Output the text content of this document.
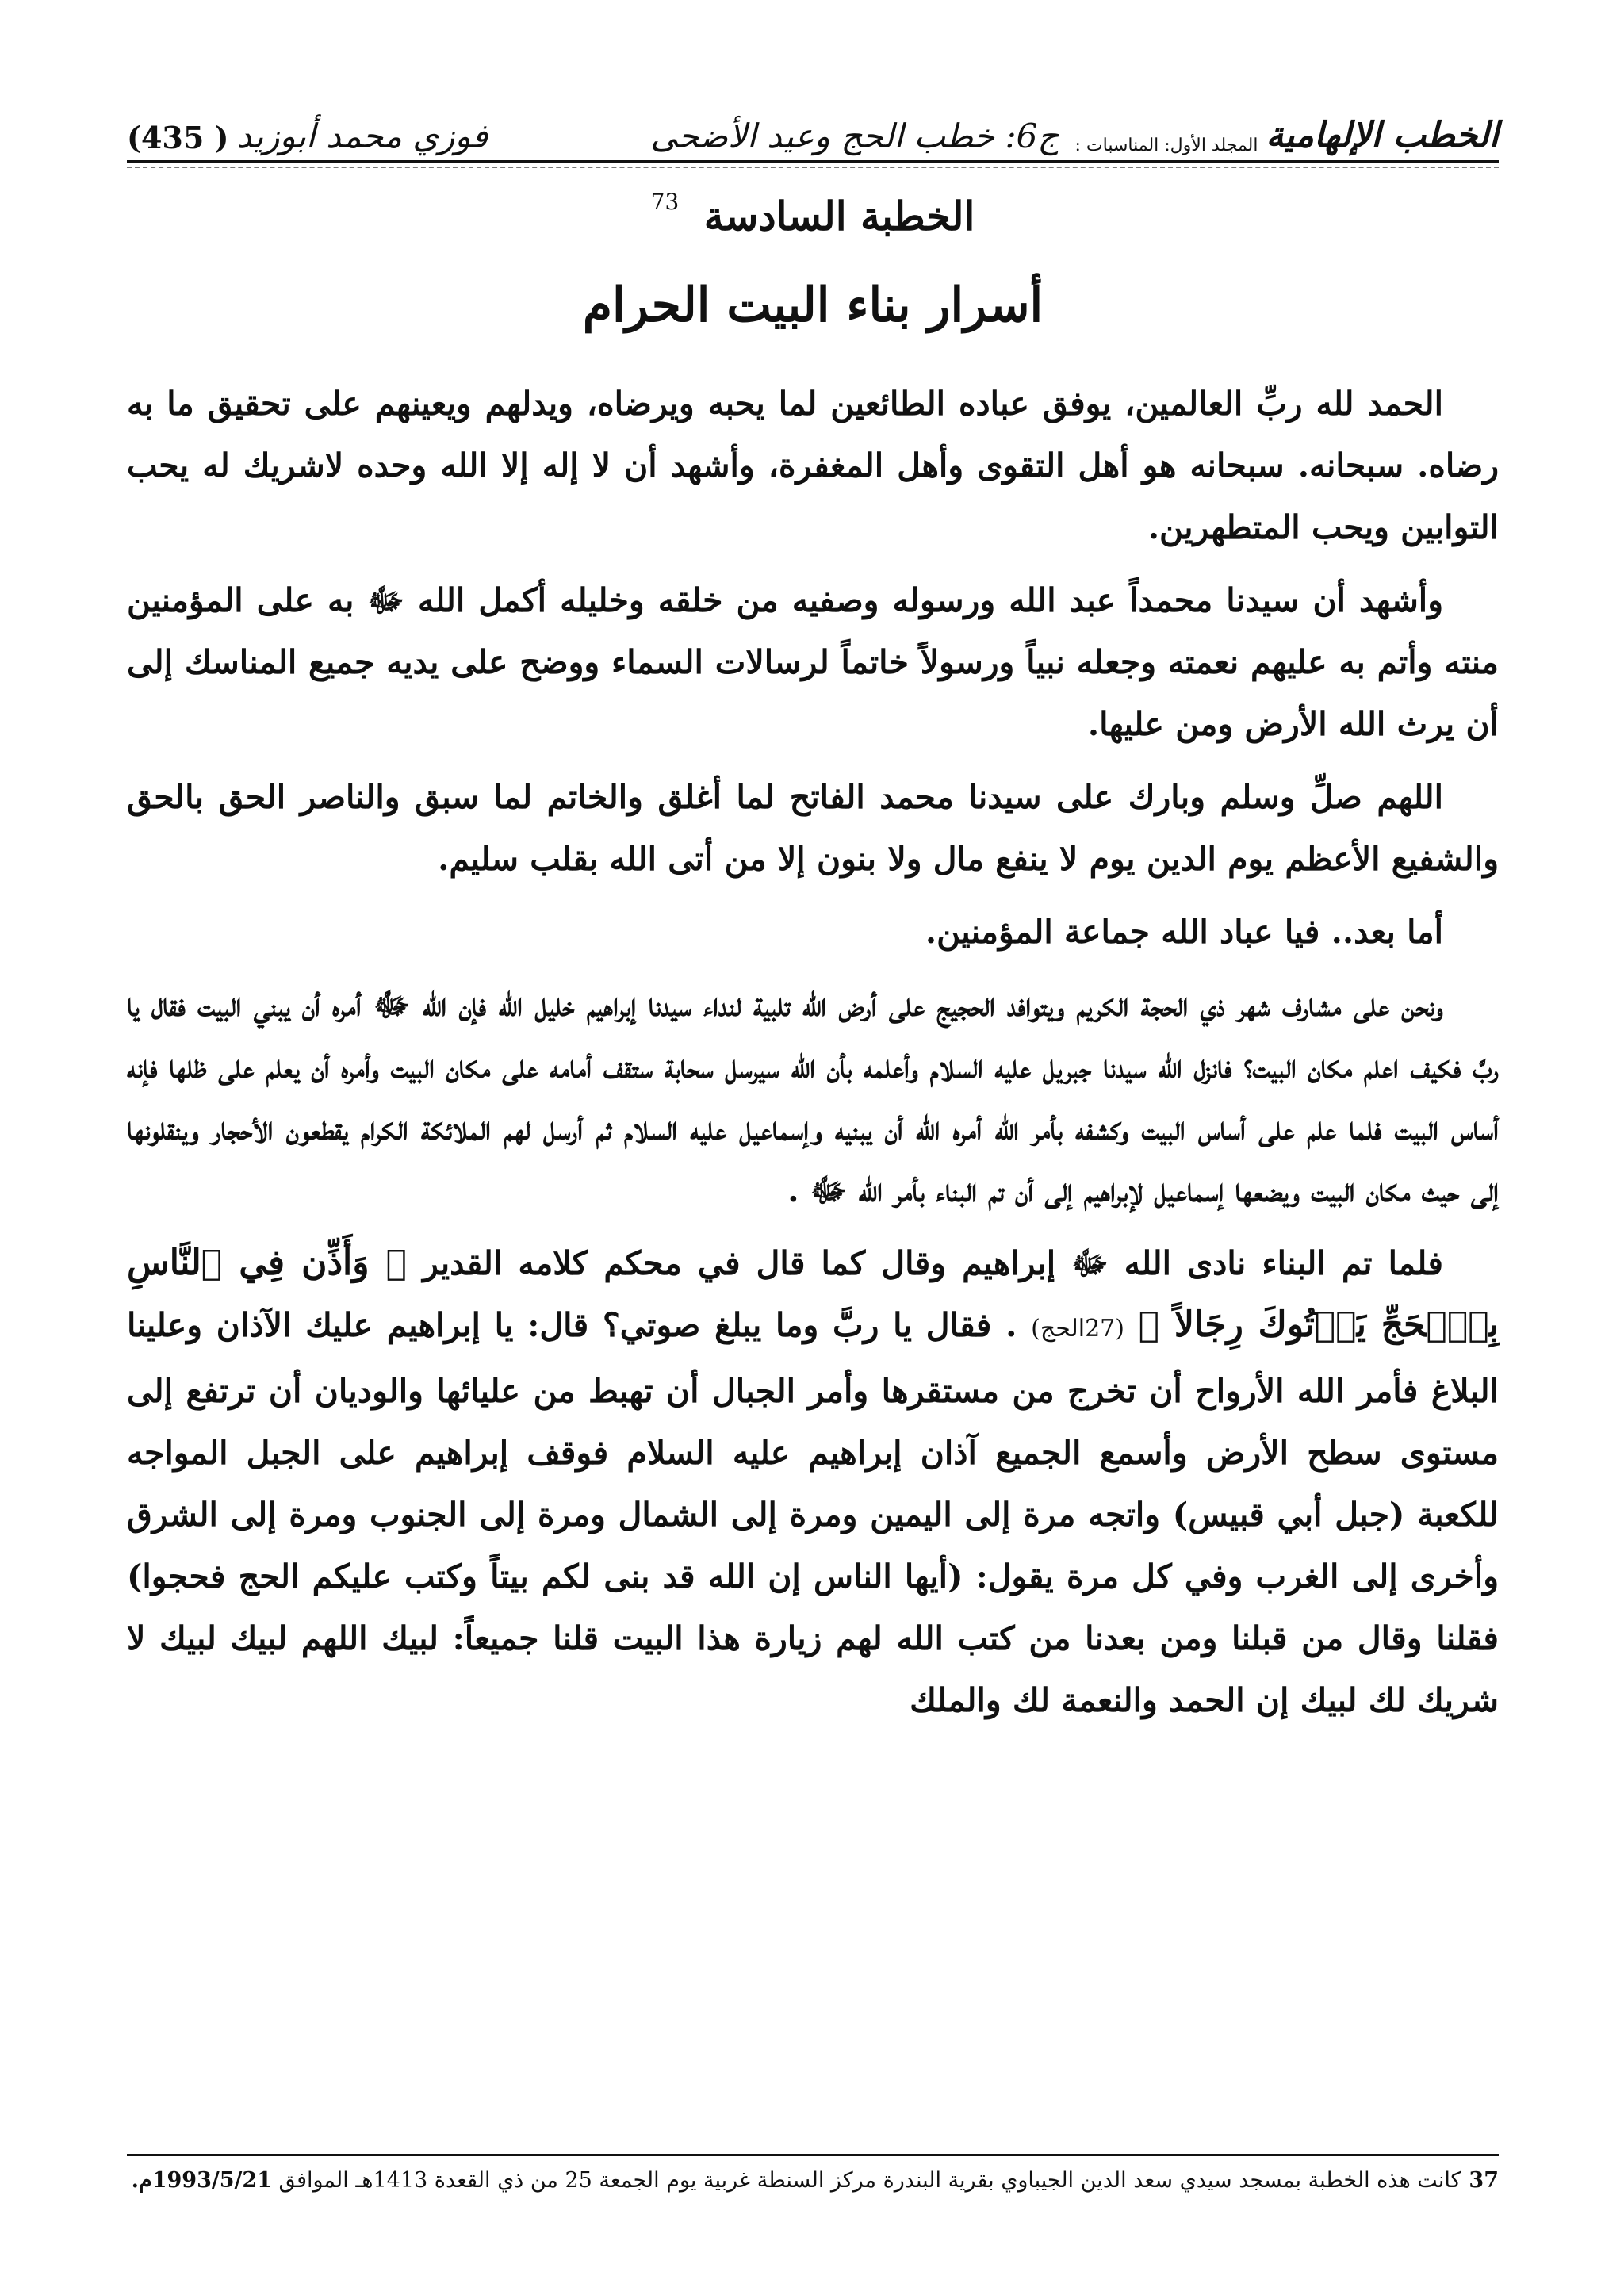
الخطب الإلهامية
المجلد الأول: المناسبات :
ج6: خطب الحج وعيد الأضحى
فوزي محمد أبوزيد
(435 )
الخطبة السادسة $^{73}$
أسرار بناء البيت الحرام

الحمد لله ربِّ العالمين، يوفق عباده الطائعين لما يحبه ويرضاه، ويدلهم ويعينهم على تحقيق ما به رضاه. سبحانه. سبحانه هو أهل التقوى وأهل المغفرة، وأشهد أن لا إله إلا الله وحده لاشريك له يحب التوابين ويحب المتطهرين.

وأشهد أن سيدنا محمداً عبد الله ورسوله وصفيه من خلقه وخليله أكمل الله ﷻ به على المؤمنين منته وأتم به عليهم نعمته وجعله نبياً ورسولاً خاتماً لرسالات السماء ووضح على يديه جميع المناسك إلى أن يرث الله الأرض ومن عليها.

اللهم صلِّ وسلم وبارك على سيدنا محمد الفاتح لما أغلق والخاتم لما سبق والناصر الحق بالحق والشفيع الأعظم يوم الدين يوم لا ينفع مال ولا بنون إلا من أتى الله بقلب سليم.

أما بعد.. فيا عباد الله جماعة المؤمنين.

ونحن على مشارف شهر ذي الحجة الكريم ويتوافد الحجيج على أرض الله تلبية لنداء سيدنا إبراهيم خليل الله فإن الله ﷻ أمره أن يبني البيت فقال يا ربَّ فكيف اعلم مكان البيت؟ فانزل الله سيدنا جبريل عليه السلام وأعلمه بأن الله سيرسل سحابة ستقف أمامه على مكان البيت وأمره أن يعلم على ظلها فإنه أساس البيت فلما علم على أساس البيت وكشفه بأمر الله أمره الله أن يبنيه وإسماعيل عليه السلام ثم أرسل لهم الملائكة الكرام يقطعون الأحجار وينقلونها إلى حيث مكان البيت ويضعها إسماعيل لإبراهيم إلى أن تم البناء بأمر الله ﷻ .

فلما تم البناء نادى الله ﷻ إبراهيم وقال كما قال في محكم كلامه القدير ﴿ وَأَذِّن فِي ٱلنَّاسِ بِٱلۡحَجِّ يَأۡتُوكَ رِجَالاً ﴾ (27الحج) . فقال يا ربَّ وما يبلغ صوتي؟ قال: يا إبراهيم عليك الآذان وعلينا البلاغ فأمر الله الأرواح أن تخرج من مستقرها وأمر الجبال أن تهبط من عليائها والوديان أن ترتفع إلى مستوى سطح الأرض وأسمع الجميع آذان إبراهيم عليه السلام فوقف إبراهيم على الجبل المواجه للكعبة (جبل أبي قبيس) واتجه مرة إلى اليمين ومرة إلى الشمال ومرة إلى الجنوب ومرة إلى الشرق وأخرى إلى الغرب وفي كل مرة يقول: (أيها الناس إن الله قد بنى لكم بيتاً وكتب عليكم الحج فحجوا) فقلنا وقال من قبلنا ومن بعدنا من كتب الله لهم زيارة هذا البيت قلنا جميعاً: لبيك اللهم لبيك لبيك لا شريك لك لبيك إن الحمد والنعمة لك والملك

37كانت هذه الخطبة بمسجد سيدي سعد الدين الجيباوي بقرية البندرة مركز السنطة غربية يوم الجمعة 25 من ذي القعدة 1413هـ الموافق 1993/5/21م.
